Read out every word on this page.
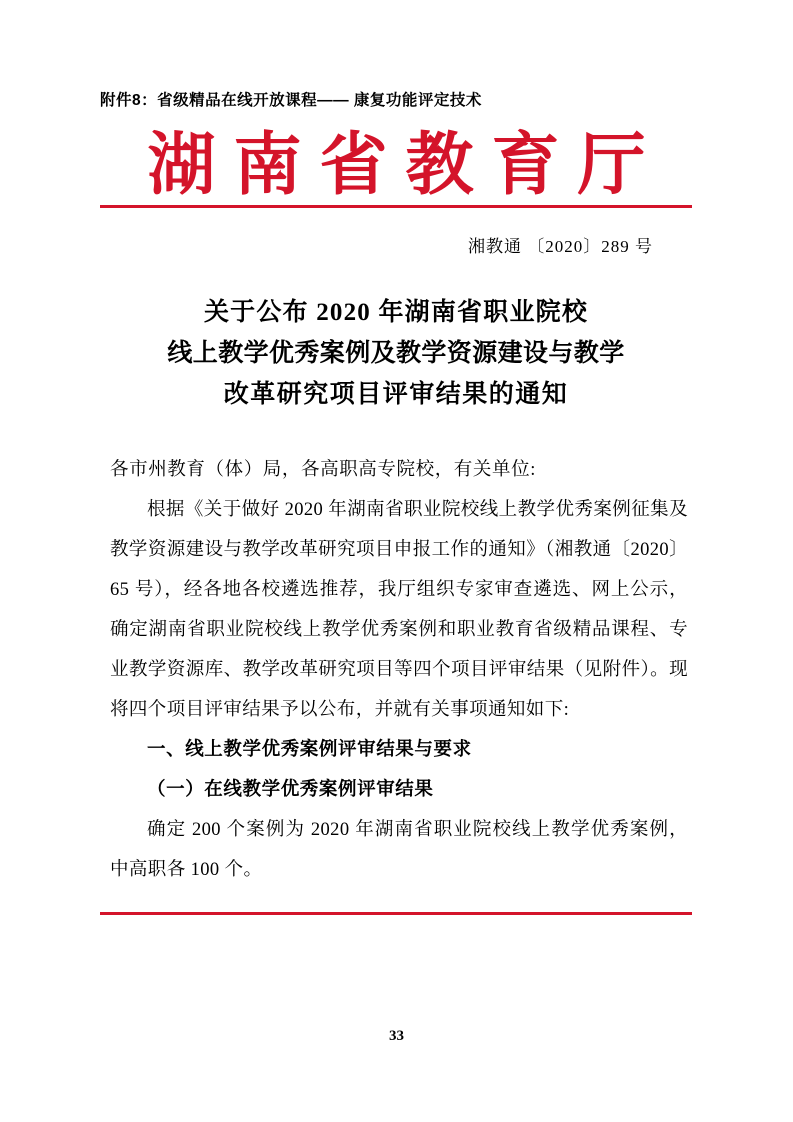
附件8：省级精品在线开放课程—— 康复功能评定技术
湖南省教育厅
湘教通 〔2020〕289 号
关于公布 2020 年湖南省职业院校
线上教学优秀案例及教学资源建设与教学
改革研究项目评审结果的通知
各市州教育（体）局，各高职高专院校，有关单位:
根据《关于做好 2020 年湖南省职业院校线上教学优秀案例征集及教学资源建设与教学改革研究项目申报工作的通知》（湘教通〔2020〕65 号），经各地各校遴选推荐，我厅组织专家审查遴选、网上公示，确定湖南省职业院校线上教学优秀案例和职业教育省级精品课程、专业教学资源库、教学改革研究项目等四个项目评审结果（见附件）。现将四个项目评审结果予以公布，并就有关事项通知如下:
一、线上教学优秀案例评审结果与要求
（一）在线教学优秀案例评审结果
确定 200 个案例为 2020 年湖南省职业院校线上教学优秀案例，中高职各 100 个。
33
